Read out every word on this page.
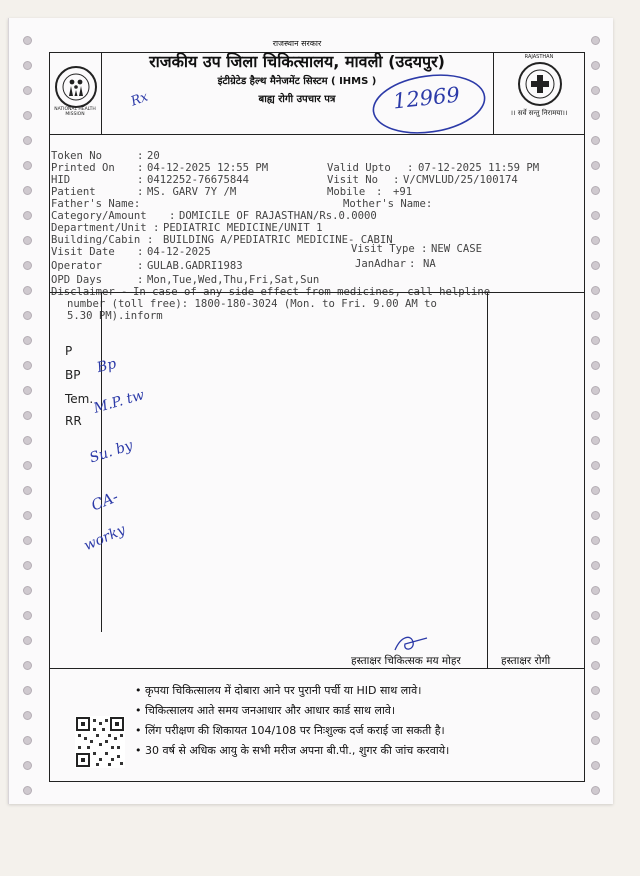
NATIONAL HEALTH MISSION
RAJASTHAN
।। सर्वे सन्तु निरामया।।
राजस्थान सरकार
राजकीय उप जिला चिकित्सालय, मावली (उदयपुर)
इंटीग्रेटेड हैल्थ मैनेजमेंट सिस्टम ( IHMS )
बाह्य रोगी उपचार पत्र	12969
Rx
Token No	:
20
Printed On :
04-12-2025 12:55 PM	Valid Upto :
07-12-2025 11:59 PM
HID	:
0412252-76675844	Visit No :
V/CMVLUD/25/100174
Patient	:
MS. GARV 7Y /M	Mobile : +91
Father's Name:	Mother's Name:
Category/Amount :
DOMICILE OF RAJASTHAN/Rs.0.0000
Department/Unit :
PEDIATRIC MEDICINE/UNIT 1
Building/Cabin : BUILDING A/PEDIATRIC MEDICINE- CABIN
Visit Date :
04-12-2025	Visit Type :
NEW CASE
Operator	:
GULAB.GADRI1983	JanAdhar : NA
OPD Days	:
Mon,Tue,Wed,Thu,Fri,Sat,Sun
Disclaimer - In case of any side effect from medicines, call helpline
number (toll free): 1800-180-3024 (Mon. to Fri. 9.00 AM to
5.30 PM).inform
P
BP
Tem.
RR
Bp
M.P. tw
Su. by
CA-
worky
हस्ताक्षर चिकित्सक मय मोहर	हस्ताक्षर रोगी
• कृपया चिकित्सालय में दोबारा आने पर पुरानी पर्ची या HID साथ लावे।
• चिकित्सालय आते समय जनआधार और आधार कार्ड साथ लावे।
• लिंग परीक्षण की शिकायत 104/108 पर निःशुल्क दर्ज कराई जा सकती है।
• 30 वर्ष से अधिक आयु के सभी मरीज अपना बी.पी., शुगर की जांच करवाये।
